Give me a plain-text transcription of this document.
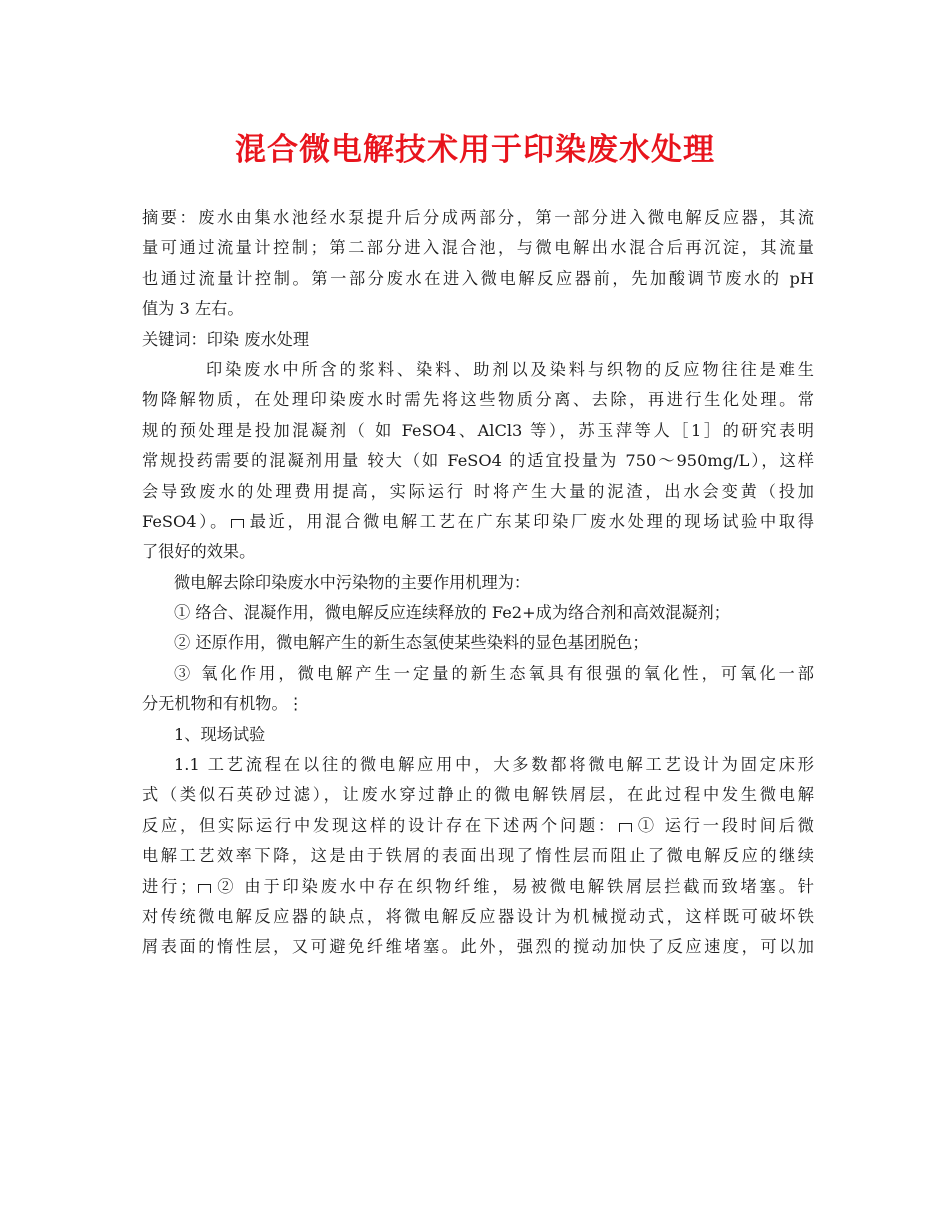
混合微电解技术用于印染废水处理
摘要：废水由集水池经水泵提升后分成两部分，第一部分进入微电解反应器，其流
量可通过流量计控制；第二部分进入混合池，与微电解出水混合后再沉淀，其流量
也通过流量计控制。第一部分废水在进入微电解反应器前，先加酸调节废水的 pH
值为 3 左右。
关键词：印染 废水处理
印染废水中所含的浆料、染料、助剂以及染料与织物的反应物往往是难生
物降解物质，在处理印染废水时需先将这些物质分离、去除，再进行生化处理。常
规的预处理是投加混凝剂（ 如 FeSO4、AlCl3 等），苏玉萍等人［1］的研究表明
常规投药需要的混凝剂用量 较大（如 FeSO4 的适宜投量为 750～950mg/L），这样
会导致废水的处理费用提高，实际运行 时将产生大量的泥渣，出水会变黄（投加
FeSO4）。 最近，用混合微电解工艺在广东某印染厂废水处理的现场试验中取得
了很好的效果。
微电解去除印染废水中污染物的主要作用机理为：
① 络合、混凝作用，微电解反应连续释放的 Fe2+成为络合剂和高效混凝剂；
② 还原作用，微电解产生的新生态氢使某些染料的显色基团脱色；
③ 氧化作用，微电解产生一定量的新生态氧具有很强的氧化性，可氧化一部
分无机物和有机物。⋮
1、现场试验
1.1 工艺流程在以往的微电解应用中，大多数都将微电解工艺设计为固定床形
式（类似石英砂过滤），让废水穿过静止的微电解铁屑层，在此过程中发生微电解
反应，但实际运行中发现这样的设计存在下述两个问题： ① 运行一段时间后微
电解工艺效率下降，这是由于铁屑的表面出现了惰性层而阻止了微电解反应的继续
进行； ② 由于印染废水中存在织物纤维，易被微电解铁屑层拦截而致堵塞。针
对传统微电解反应器的缺点，将微电解反应器设计为机械搅动式，这样既可破坏铁
屑表面的惰性层，又可避免纤维堵塞。此外，强烈的搅动加快了反应速度，可以加
